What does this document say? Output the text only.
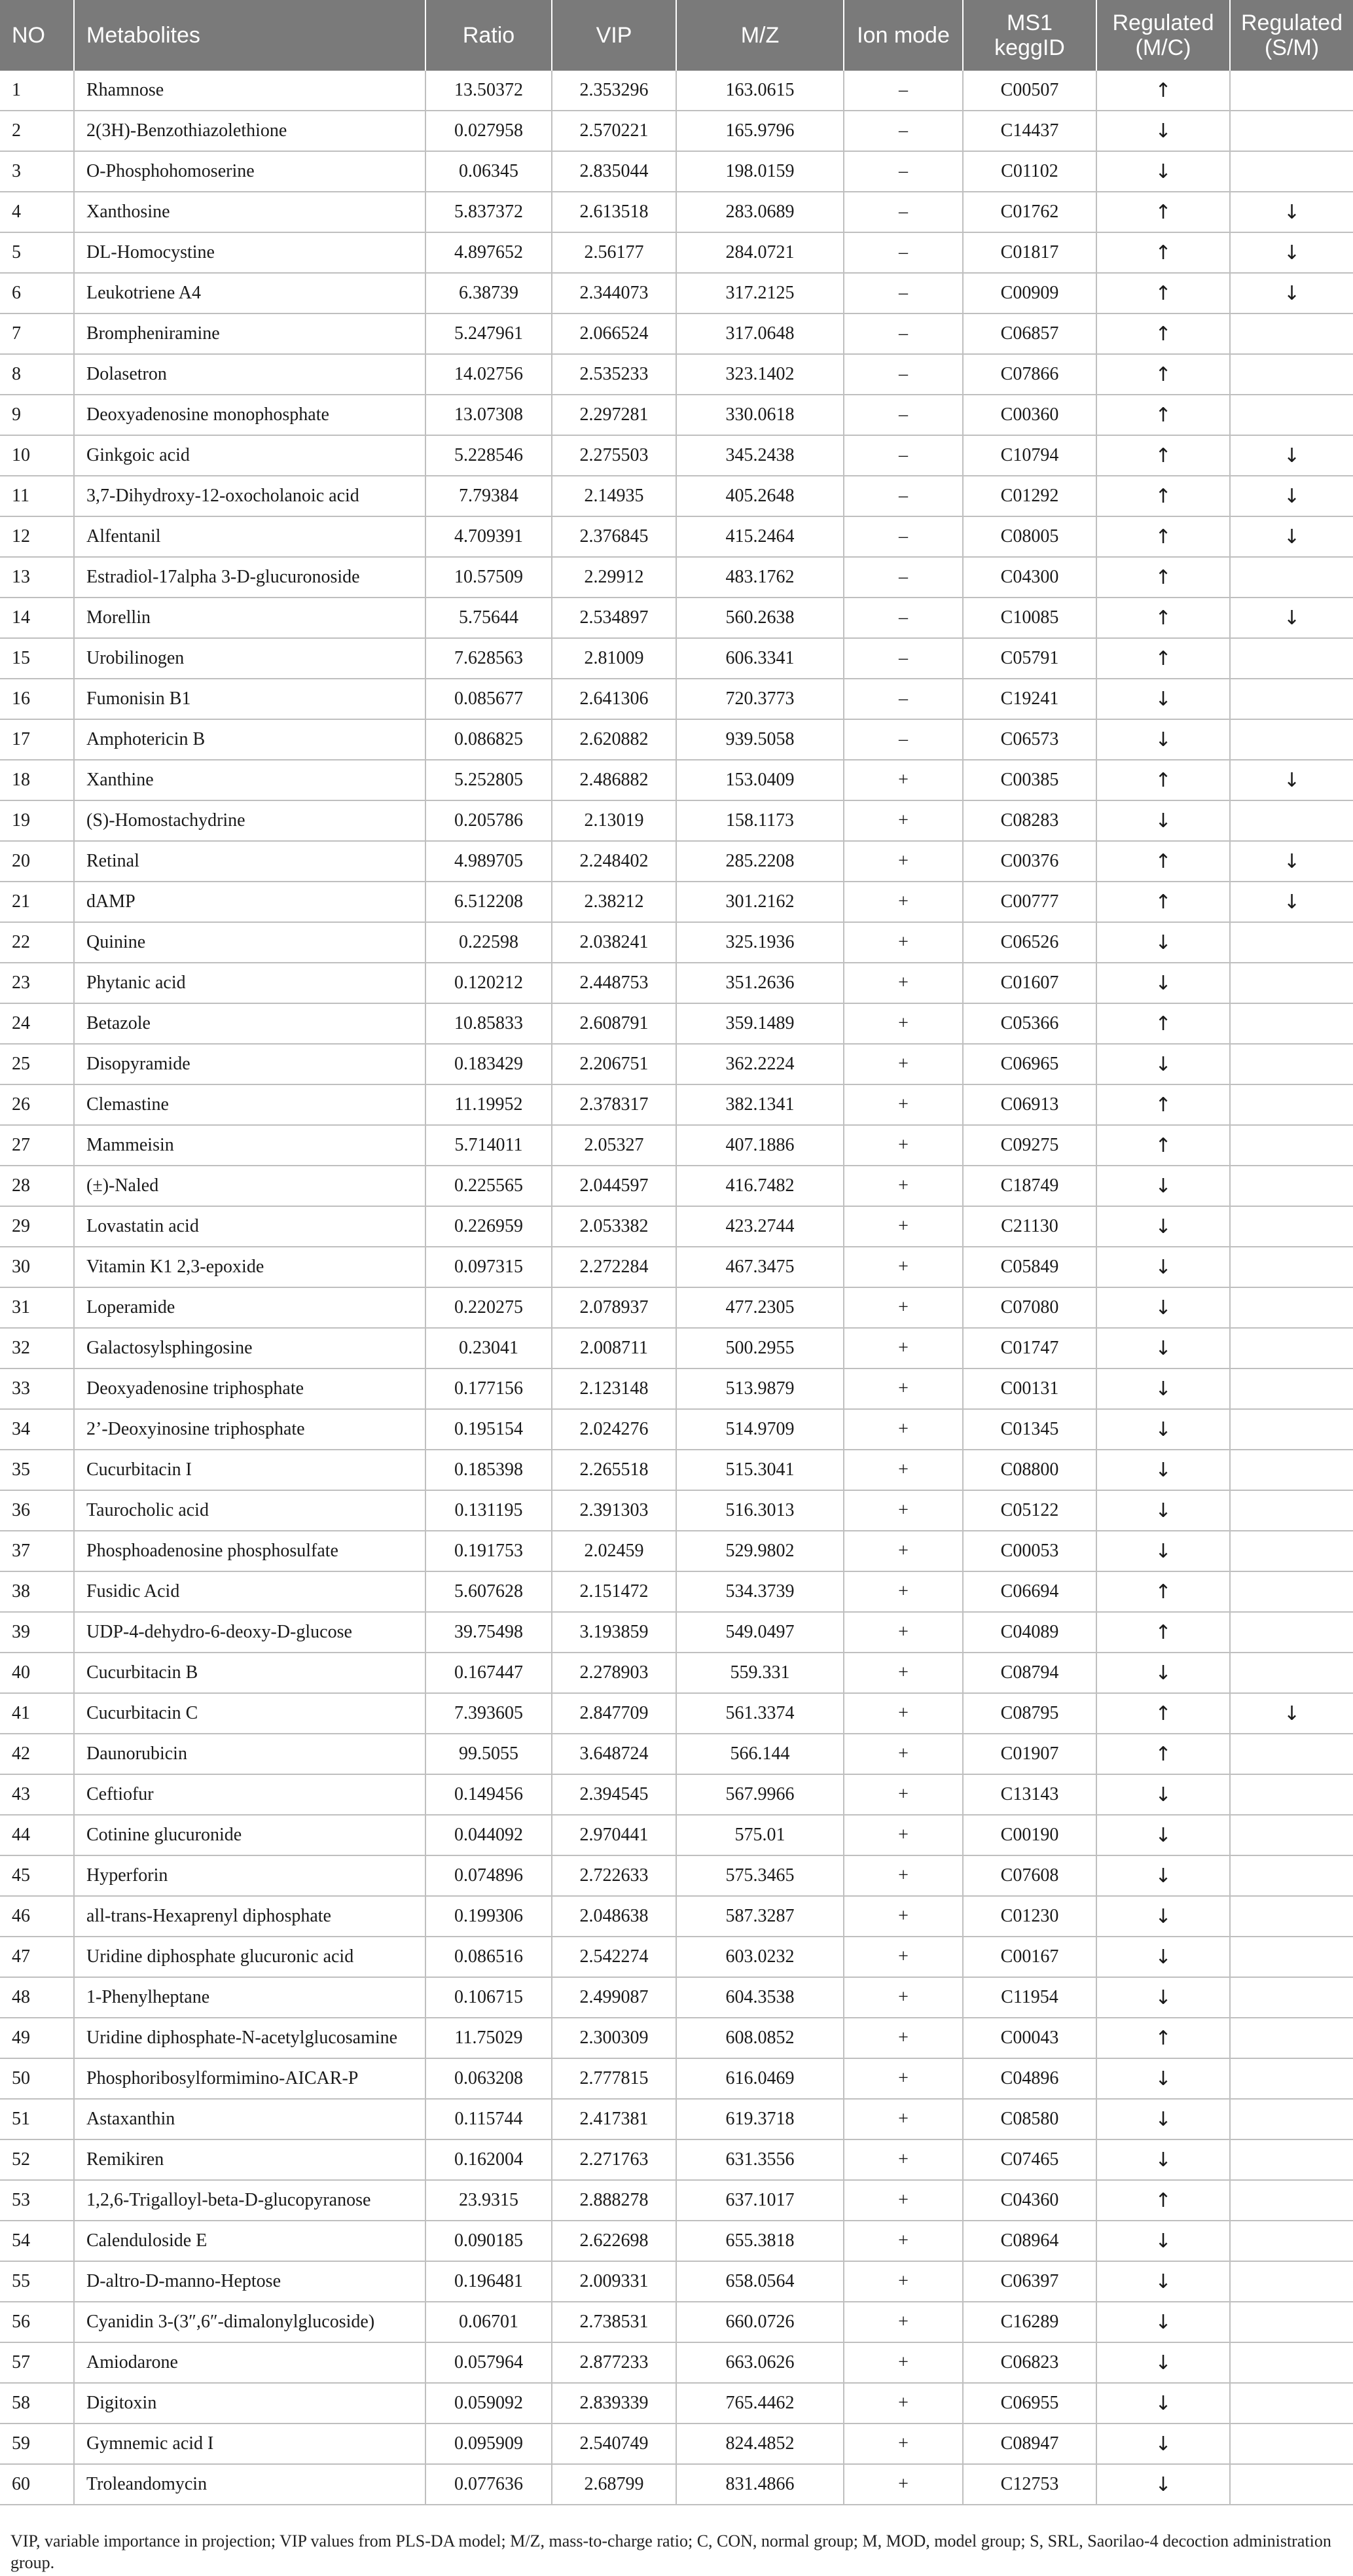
NO	Metabolites	Ratio	VIP	M/Z	Ion mode	MS1 keggID	Regulated (M/C)	Regulated (S/M)
1	Rhamnose	13.50372	2.353296	163.0615	–	C00507	↑	
2	2(3H)-Benzothiazolethione	0.027958	2.570221	165.9796	–	C14437	↓	
3	O-Phosphohomoserine	0.06345	2.835044	198.0159	–	C01102	↓	
4	Xanthosine	5.837372	2.613518	283.0689	–	C01762	↑	↓
5	DL-Homocystine	4.897652	2.56177	284.0721	–	C01817	↑	↓
6	Leukotriene A4	6.38739	2.344073	317.2125	–	C00909	↑	↓
7	Brompheniramine	5.247961	2.066524	317.0648	–	C06857	↑	
8	Dolasetron	14.02756	2.535233	323.1402	–	C07866	↑	
9	Deoxyadenosine monophosphate	13.07308	2.297281	330.0618	–	C00360	↑	
10	Ginkgoic acid	5.228546	2.275503	345.2438	–	C10794	↑	↓
11	3,7-Dihydroxy-12-oxocholanoic acid	7.79384	2.14935	405.2648	–	C01292	↑	↓
12	Alfentanil	4.709391	2.376845	415.2464	–	C08005	↑	↓
13	Estradiol-17alpha 3-D-glucuronoside	10.57509	2.29912	483.1762	–	C04300	↑	
14	Morellin	5.75644	2.534897	560.2638	–	C10085	↑	↓
15	Urobilinogen	7.628563	2.81009	606.3341	–	C05791	↑	
16	Fumonisin B1	0.085677	2.641306	720.3773	–	C19241	↓	
17	Amphotericin B	0.086825	2.620882	939.5058	–	C06573	↓	
18	Xanthine	5.252805	2.486882	153.0409	+	C00385	↑	↓
19	(S)-Homostachydrine	0.205786	2.13019	158.1173	+	C08283	↓	
20	Retinal	4.989705	2.248402	285.2208	+	C00376	↑	↓
21	dAMP	6.512208	2.38212	301.2162	+	C00777	↑	↓
22	Quinine	0.22598	2.038241	325.1936	+	C06526	↓	
23	Phytanic acid	0.120212	2.448753	351.2636	+	C01607	↓	
24	Betazole	10.85833	2.608791	359.1489	+	C05366	↑	
25	Disopyramide	0.183429	2.206751	362.2224	+	C06965	↓	
26	Clemastine	11.19952	2.378317	382.1341	+	C06913	↑	
27	Mammeisin	5.714011	2.05327	407.1886	+	C09275	↑	
28	(±)-Naled	0.225565	2.044597	416.7482	+	C18749	↓	
29	Lovastatin acid	0.226959	2.053382	423.2744	+	C21130	↓	
30	Vitamin K1 2,3-epoxide	0.097315	2.272284	467.3475	+	C05849	↓	
31	Loperamide	0.220275	2.078937	477.2305	+	C07080	↓	
32	Galactosylsphingosine	0.23041	2.008711	500.2955	+	C01747	↓	
33	Deoxyadenosine triphosphate	0.177156	2.123148	513.9879	+	C00131	↓	
34	2’-Deoxyinosine triphosphate	0.195154	2.024276	514.9709	+	C01345	↓	
35	Cucurbitacin I	0.185398	2.265518	515.3041	+	C08800	↓	
36	Taurocholic acid	0.131195	2.391303	516.3013	+	C05122	↓	
37	Phosphoadenosine phosphosulfate	0.191753	2.02459	529.9802	+	C00053	↓	
38	Fusidic Acid	5.607628	2.151472	534.3739	+	C06694	↑	
39	UDP-4-dehydro-6-deoxy-D-glucose	39.75498	3.193859	549.0497	+	C04089	↑	
40	Cucurbitacin B	0.167447	2.278903	559.331	+	C08794	↓	
41	Cucurbitacin C	7.393605	2.847709	561.3374	+	C08795	↑	↓
42	Daunorubicin	99.5055	3.648724	566.144	+	C01907	↑	
43	Ceftiofur	0.149456	2.394545	567.9966	+	C13143	↓	
44	Cotinine glucuronide	0.044092	2.970441	575.01	+	C00190	↓	
45	Hyperforin	0.074896	2.722633	575.3465	+	C07608	↓	
46	all-trans-Hexaprenyl diphosphate	0.199306	2.048638	587.3287	+	C01230	↓	
47	Uridine diphosphate glucuronic acid	0.086516	2.542274	603.0232	+	C00167	↓	
48	1-Phenylheptane	0.106715	2.499087	604.3538	+	C11954	↓	
49	Uridine diphosphate-N-acetylglucosamine	11.75029	2.300309	608.0852	+	C00043	↑	
50	Phosphoribosylformimino-AICAR-P	0.063208	2.777815	616.0469	+	C04896	↓	
51	Astaxanthin	0.115744	2.417381	619.3718	+	C08580	↓	
52	Remikiren	0.162004	2.271763	631.3556	+	C07465	↓	
53	1,2,6-Trigalloyl-beta-D-glucopyranose	23.9315	2.888278	637.1017	+	C04360	↑	
54	Calenduloside E	0.090185	2.622698	655.3818	+	C08964	↓	
55	D-altro-D-manno-Heptose	0.196481	2.009331	658.0564	+	C06397	↓	
56	Cyanidin 3-(3″,6″-dimalonylglucoside)	0.06701	2.738531	660.0726	+	C16289	↓	
57	Amiodarone	0.057964	2.877233	663.0626	+	C06823	↓	
58	Digitoxin	0.059092	2.839339	765.4462	+	C06955	↓	
59	Gymnemic acid I	0.095909	2.540749	824.4852	+	C08947	↓	
60	Troleandomycin	0.077636	2.68799	831.4866	+	C12753	↓	
VIP, variable importance in projection; VIP values from PLS-DA model; M/Z, mass-to-charge ratio; C, CON, normal group; M, MOD, model group; S, SRL, Saorilao-4 decoction administration group.
